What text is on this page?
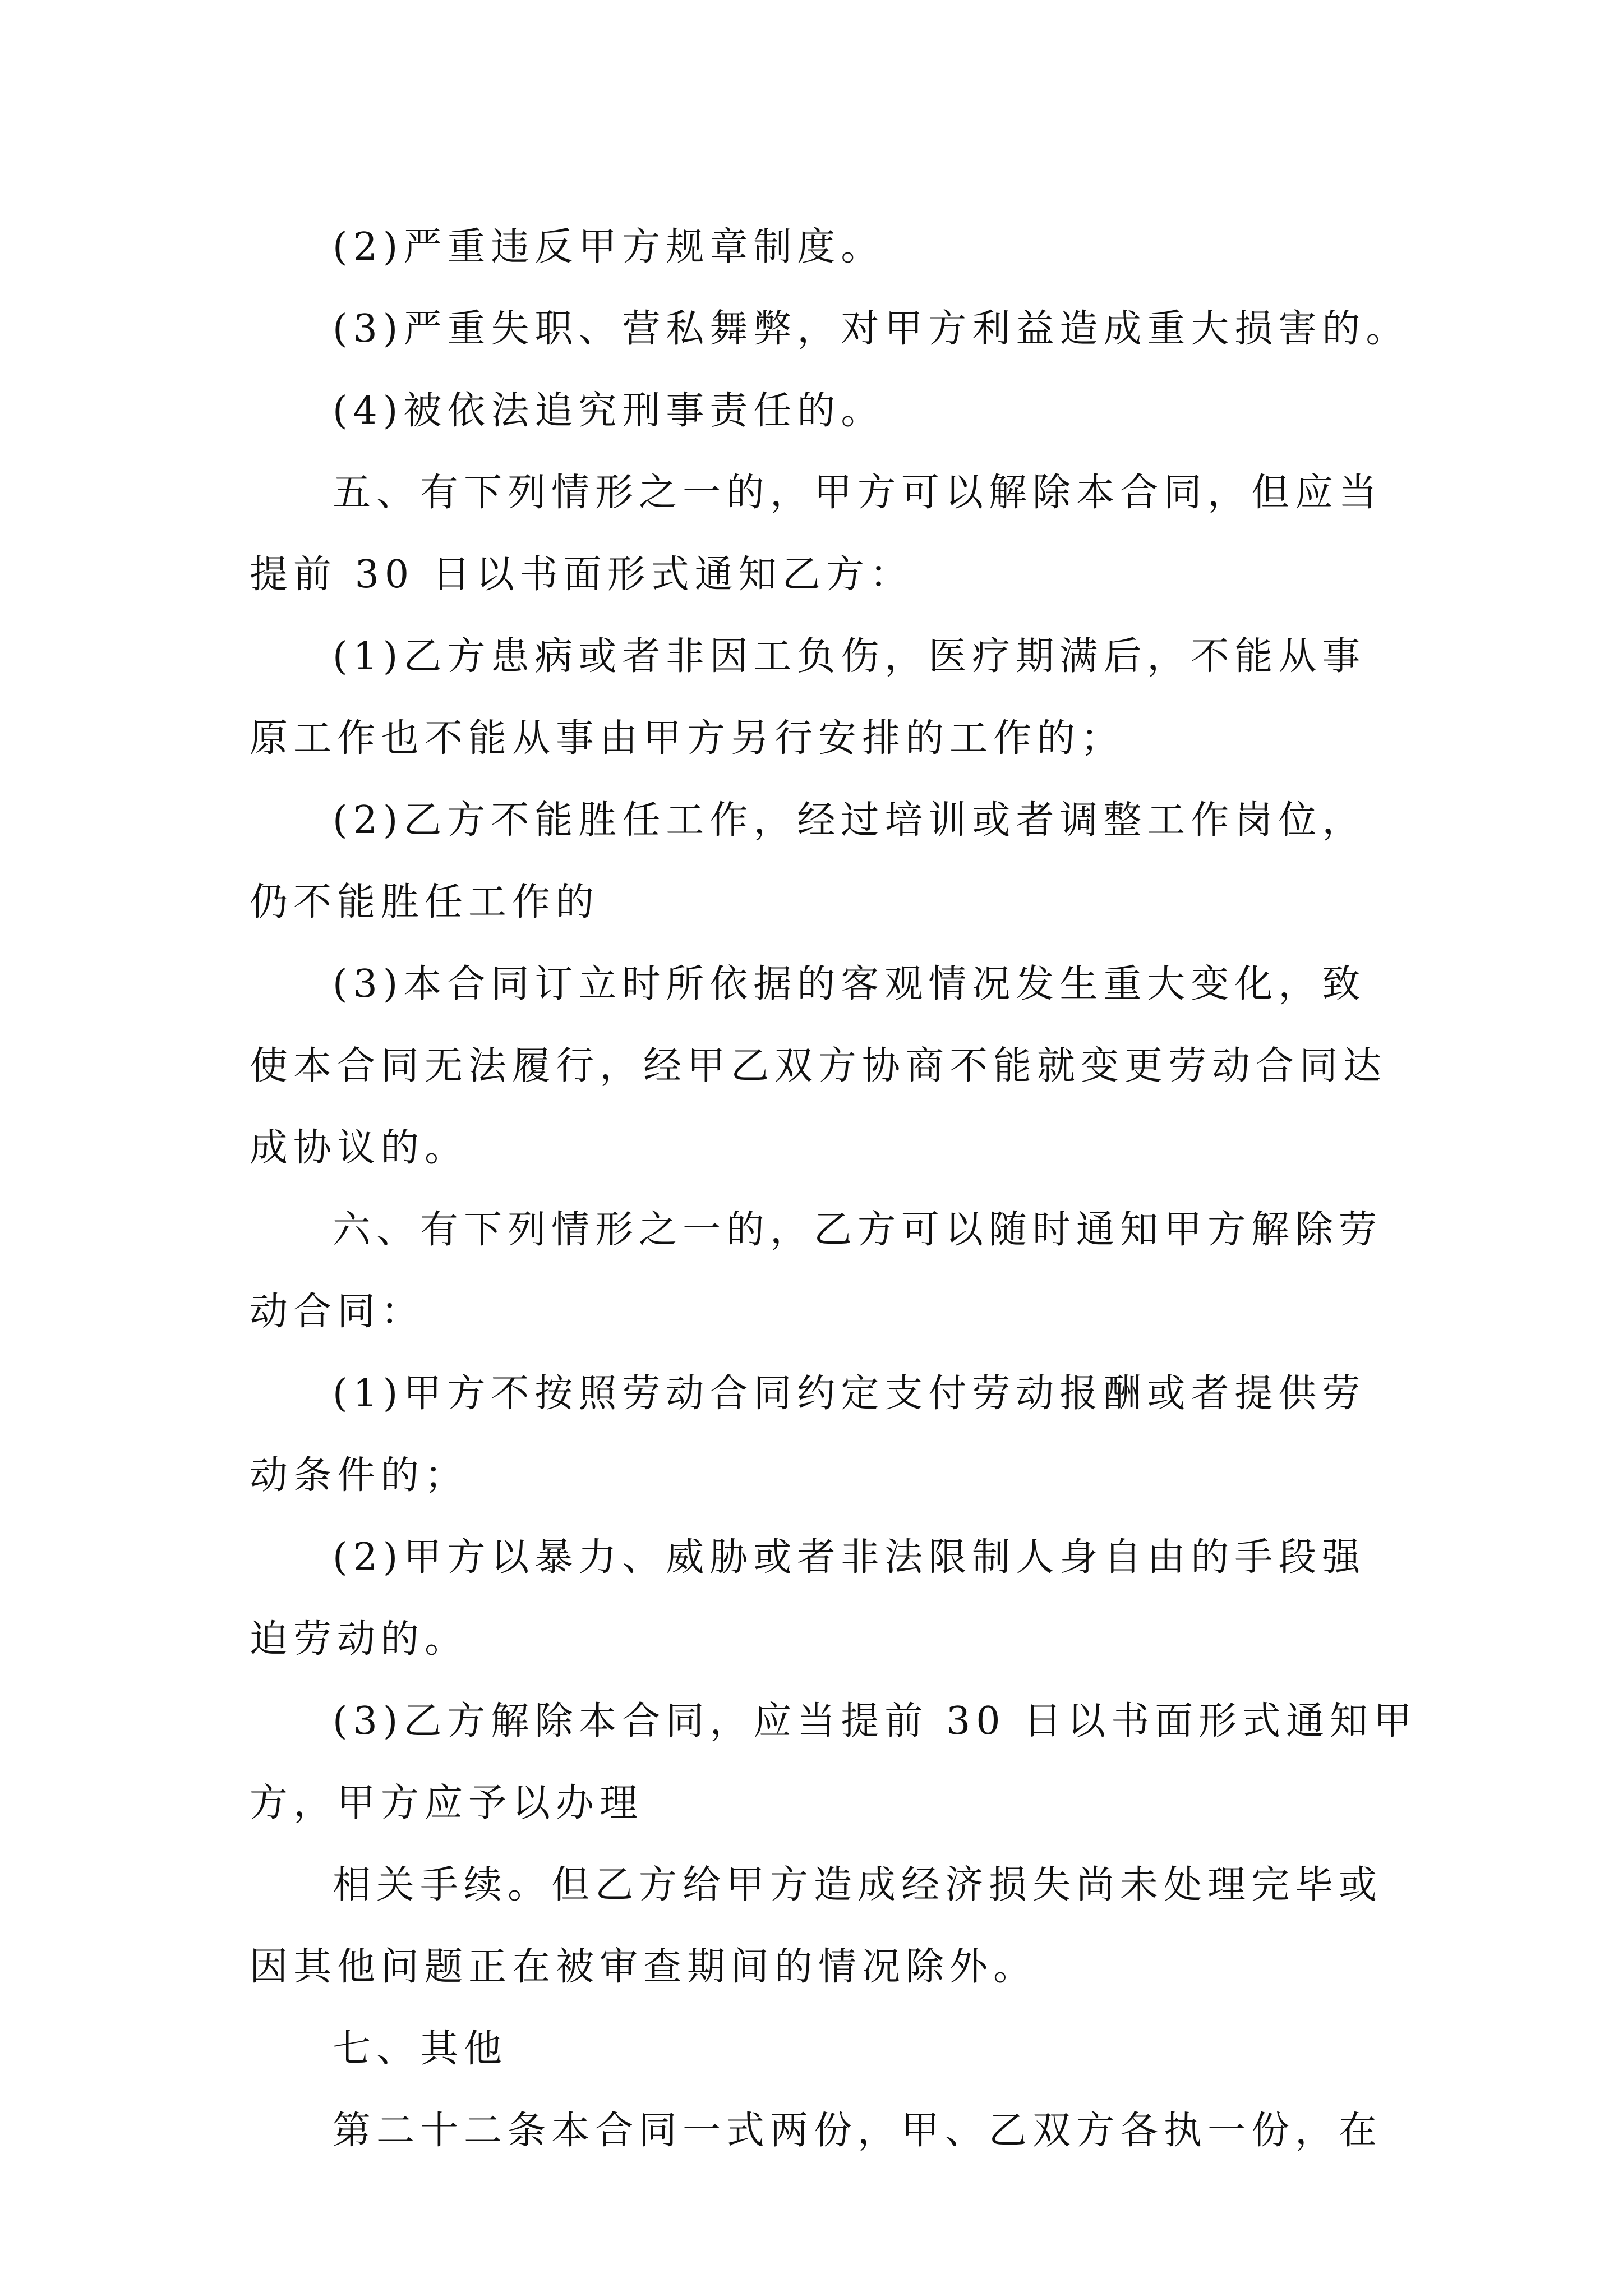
(2)严重违反甲方规章制度。
(3)严重失职、营私舞弊，对甲方利益造成重大损害的。
(4)被依法追究刑事责任的。
五、有下列情形之一的，甲方可以解除本合同，但应当
提前 30 日以书面形式通知乙方：
(1)乙方患病或者非因工负伤，医疗期满后，不能从事
原工作也不能从事由甲方另行安排的工作的；
(2)乙方不能胜任工作，经过培训或者调整工作岗位，
仍不能胜任工作的
(3)本合同订立时所依据的客观情况发生重大变化，致
使本合同无法履行，经甲乙双方协商不能就变更劳动合同达
成协议的。
六、有下列情形之一的，乙方可以随时通知甲方解除劳
动合同：
(1)甲方不按照劳动合同约定支付劳动报酬或者提供劳
动条件的；
(2)甲方以暴力、威胁或者非法限制人身自由的手段强
迫劳动的。
(3)乙方解除本合同，应当提前 30 日以书面形式通知甲
方，甲方应予以办理
相关手续。但乙方给甲方造成经济损失尚未处理完毕或
因其他问题正在被审查期间的情况除外。
七、其他
第二十二条本合同一式两份，甲、乙双方各执一份，在
